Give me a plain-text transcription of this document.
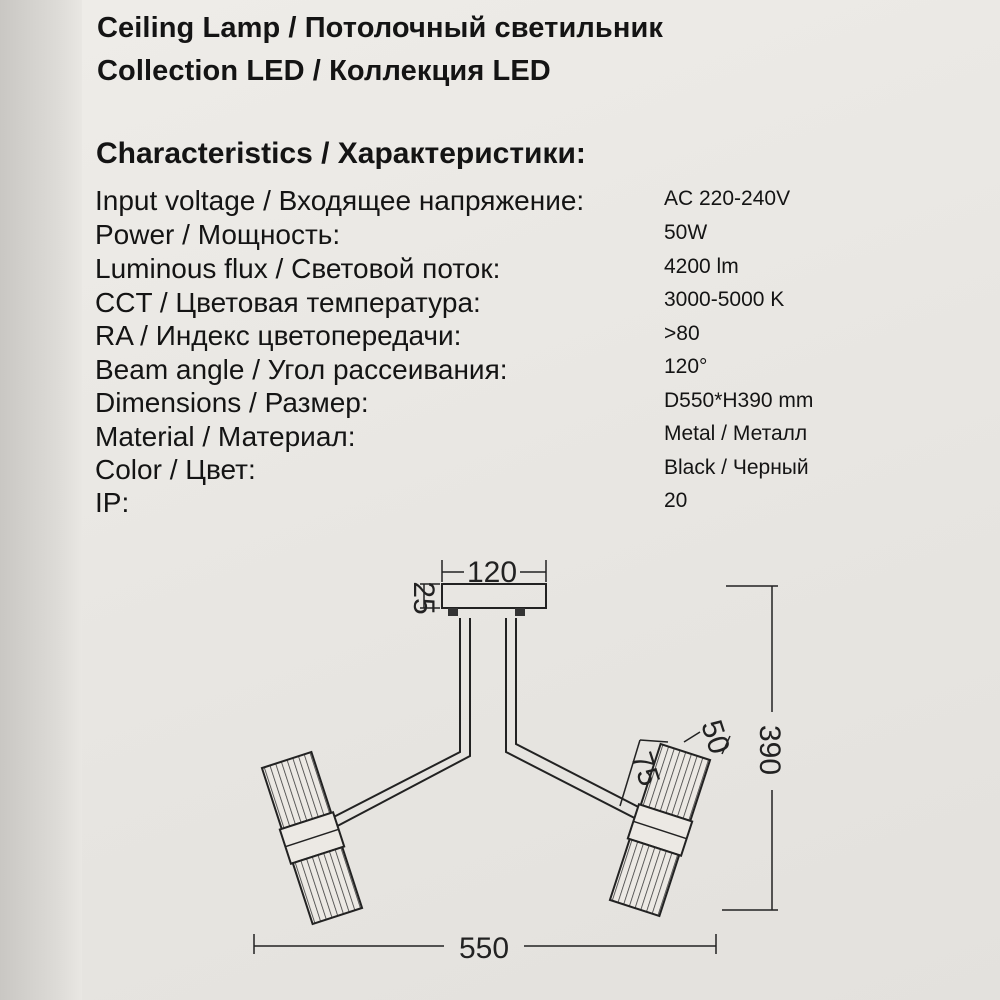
Ceiling Lamp / Потолочный светильник
Collection LED / Коллекция LED
Characteristics / Характеристики:
Input voltage / Входящее напряжение:	AC 220-240V
Power / Мощность:	50W
Luminous flux / Световой поток:	4200 lm
CCT / Цветовая температура:	3000-5000 K
RA / Индекс цветопередачи:	>80
Beam angle / Угол рассеивания:	120°
Dimensions / Размер:	D550*H390 mm
Material / Материал:	Metal / Металл
Color / Цвет:	Black / Черный
IP:	20
120
25
75
50 390
550
